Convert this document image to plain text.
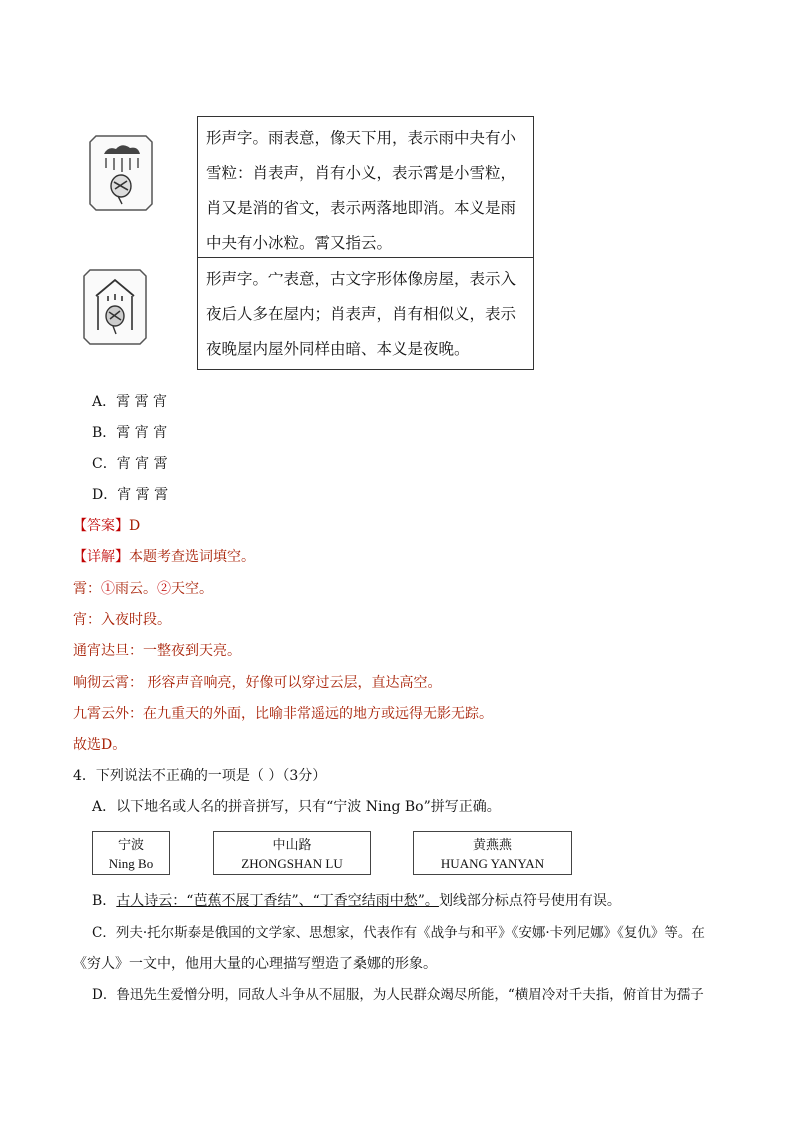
形声字。雨表意，像天下用，表示雨中夬有小
雪粒：肖表声，肖有小义，表示霄是小雪粒，
肖又是消的省文，表示两落地即消。本义是雨
中夬有小冰粒。霄又指云。
形声字。宀表意，古文字形体像房屋，表示入
夜后人多在屋内；肖表声，肖有相似义，表示
夜晚屋内屋外同样由暗、本义是夜晚。
A．霄 霄 宵
B．霄 宵 宵
C．宵 宵 霄
D．宵 霄 霄
【答案】D
【详解】本题考查选词填空。
霄：①雨云。②天空。
宵：入夜时段。
通宵达旦：一整夜到天亮。
响彻云霄： 形容声音响亮，好像可以穿过云层，直达高空。
九霄云外：在九重天的外面，比喻非常遥远的地方或远得无影无踪。
故选D。
4．下列说法不正确的一项是（ ）（3分）
A．以下地名或人名的拼音拼写，只有“宁波 Ning Bo”拼写正确。
宁波
Ning Bo
中山路
ZHONGSHAN LU
黄燕燕
HUANG YANYAN
B．古人诗云：“芭蕉不展丁香结”、“丁香空结雨中愁”。划线部分标点符号使用有误。
C．列夫·托尔斯泰是俄国的文学家、思想家，代表作有《战争与和平》《安娜·卡列尼娜》《复仇》等。在
《穷人》一文中，他用大量的心理描写塑造了桑娜的形象。
D．鲁迅先生爱憎分明，同敌人斗争从不屈服，为人民群众竭尽所能，“横眉冷对千夫指，俯首甘为孺子
